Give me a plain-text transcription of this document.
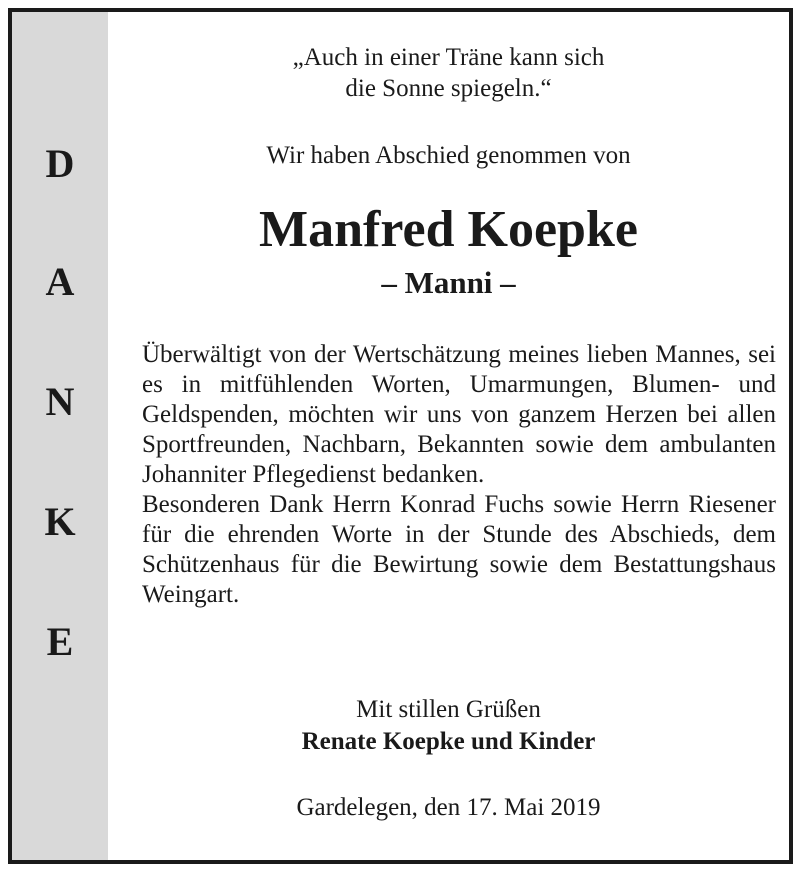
D
A
N
K
E
„Auch in einer Träne kann sich
die Sonne spiegeln.“
Wir haben Abschied genommen von
Manfred Koepke
– Manni –

Überwältigt von der Wertschätzung meines lieben Mannes, sei es in mitfühlenden Worten, Umarmungen, Blumen- und Geldspenden, möchten wir uns von ganzem Herzen bei allen Sportfreunden, Nachbarn, Bekannten sowie dem ambulanten Johanniter Pflegedienst bedanken.

Besonderen Dank Herrn Konrad Fuchs sowie Herrn Riesener für die ehrenden Worte in der Stunde des Abschieds, dem Schützenhaus für die Bewirtung sowie dem Bestattungshaus Weingart.

Mit stillen Grüßen
Renate Koepke und Kinder
Gardelegen, den 17. Mai 2019
